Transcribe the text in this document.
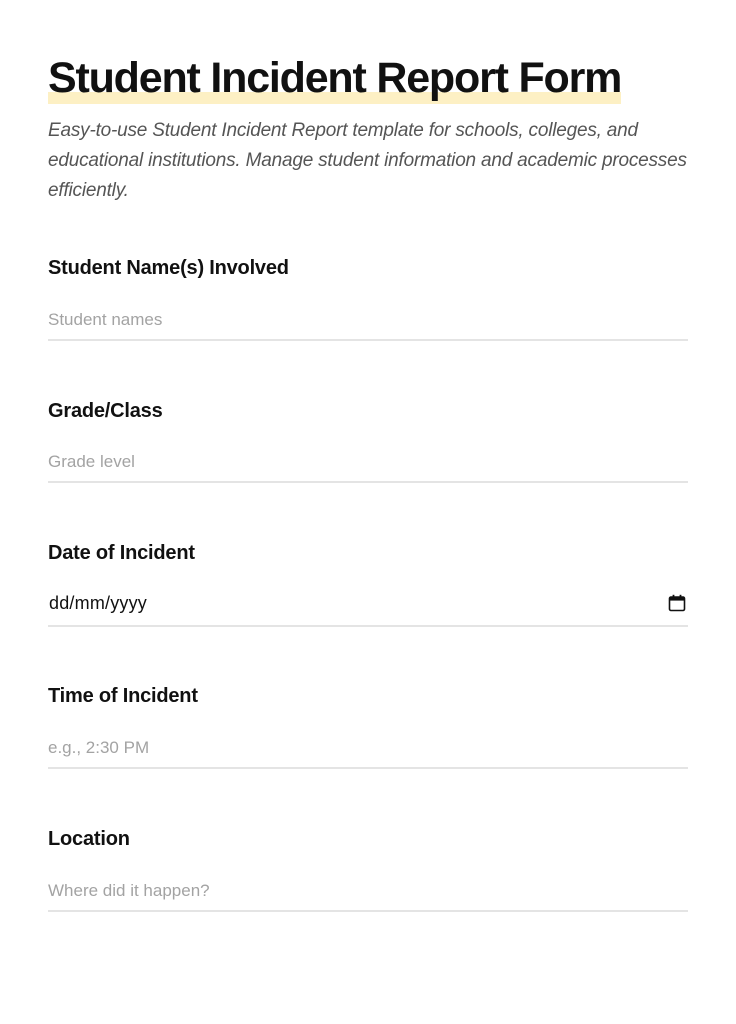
Student Incident Report Form

Easy-to-use Student Incident Report template for schools, colleges, and educational institutions. Manage student information and academic processes efficiently.

Student Name(s) Involved
Student names
Grade/Class
Grade level
Date of Incident
dd/mm/yyyy
Time of Incident
e.g., 2:30 PM
Location
Where did it happen?
